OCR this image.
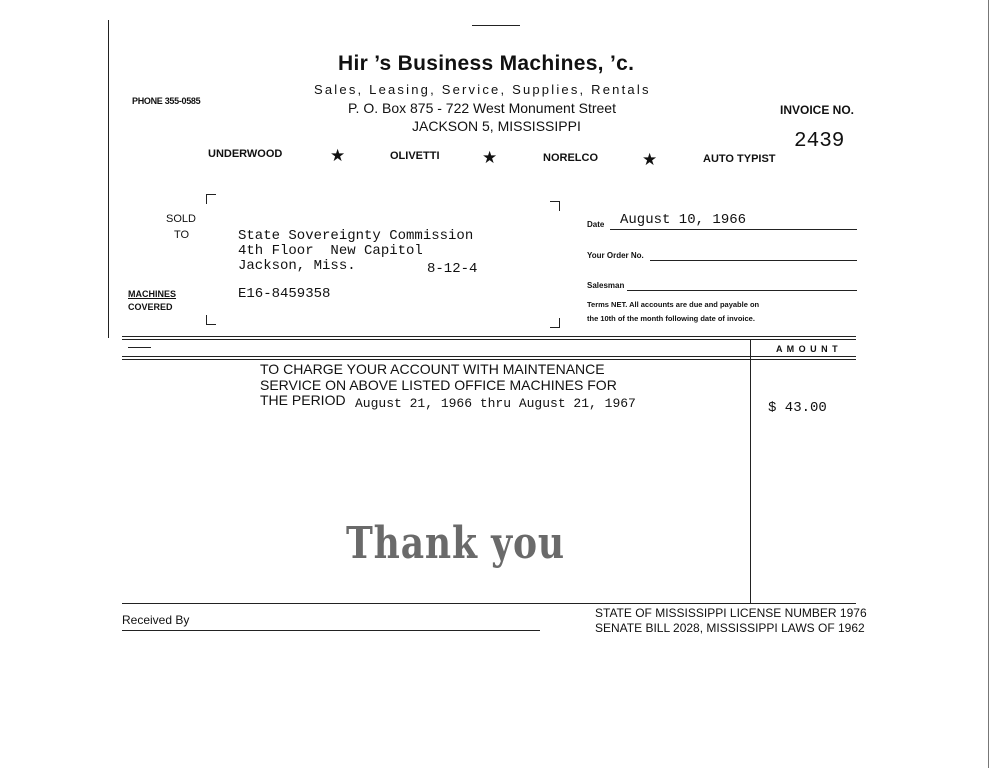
Hir ’s Business Machines, ’c.
Sales, Leasing, Service, Supplies, Rentals
P. O. Box 875 - 722 West Monument Street
JACKSON 5, MISSISSIPPI
PHONE 355-0585
INVOICE NO.
2439
UNDERWOOD	★	OLIVETTI	★	NORELCO	★	AUTO TYPIST
SOLD
TO	State Sovereignty Commission
4th Floor  New Capitol
Jackson, Miss.	8-12-4
MACHINES
COVERED
E16-8459358
Date August 10, 1966
Your Order No.
Salesman
Terms NET. All accounts are due and payable on
the 10th of the month following date of invoice.
A M O U N T
TO CHARGE YOUR ACCOUNT WITH MAINTENANCE
SERVICE ON ABOVE LISTED OFFICE MACHINES FOR
THE PERIOD August 21, 1966 thru August 21, 1967	$ 43.00
Thank you
Received By	STATE OF MISSISSIPPI LICENSE NUMBER 1976
SENATE BILL 2028, MISSISSIPPI LAWS OF 1962
